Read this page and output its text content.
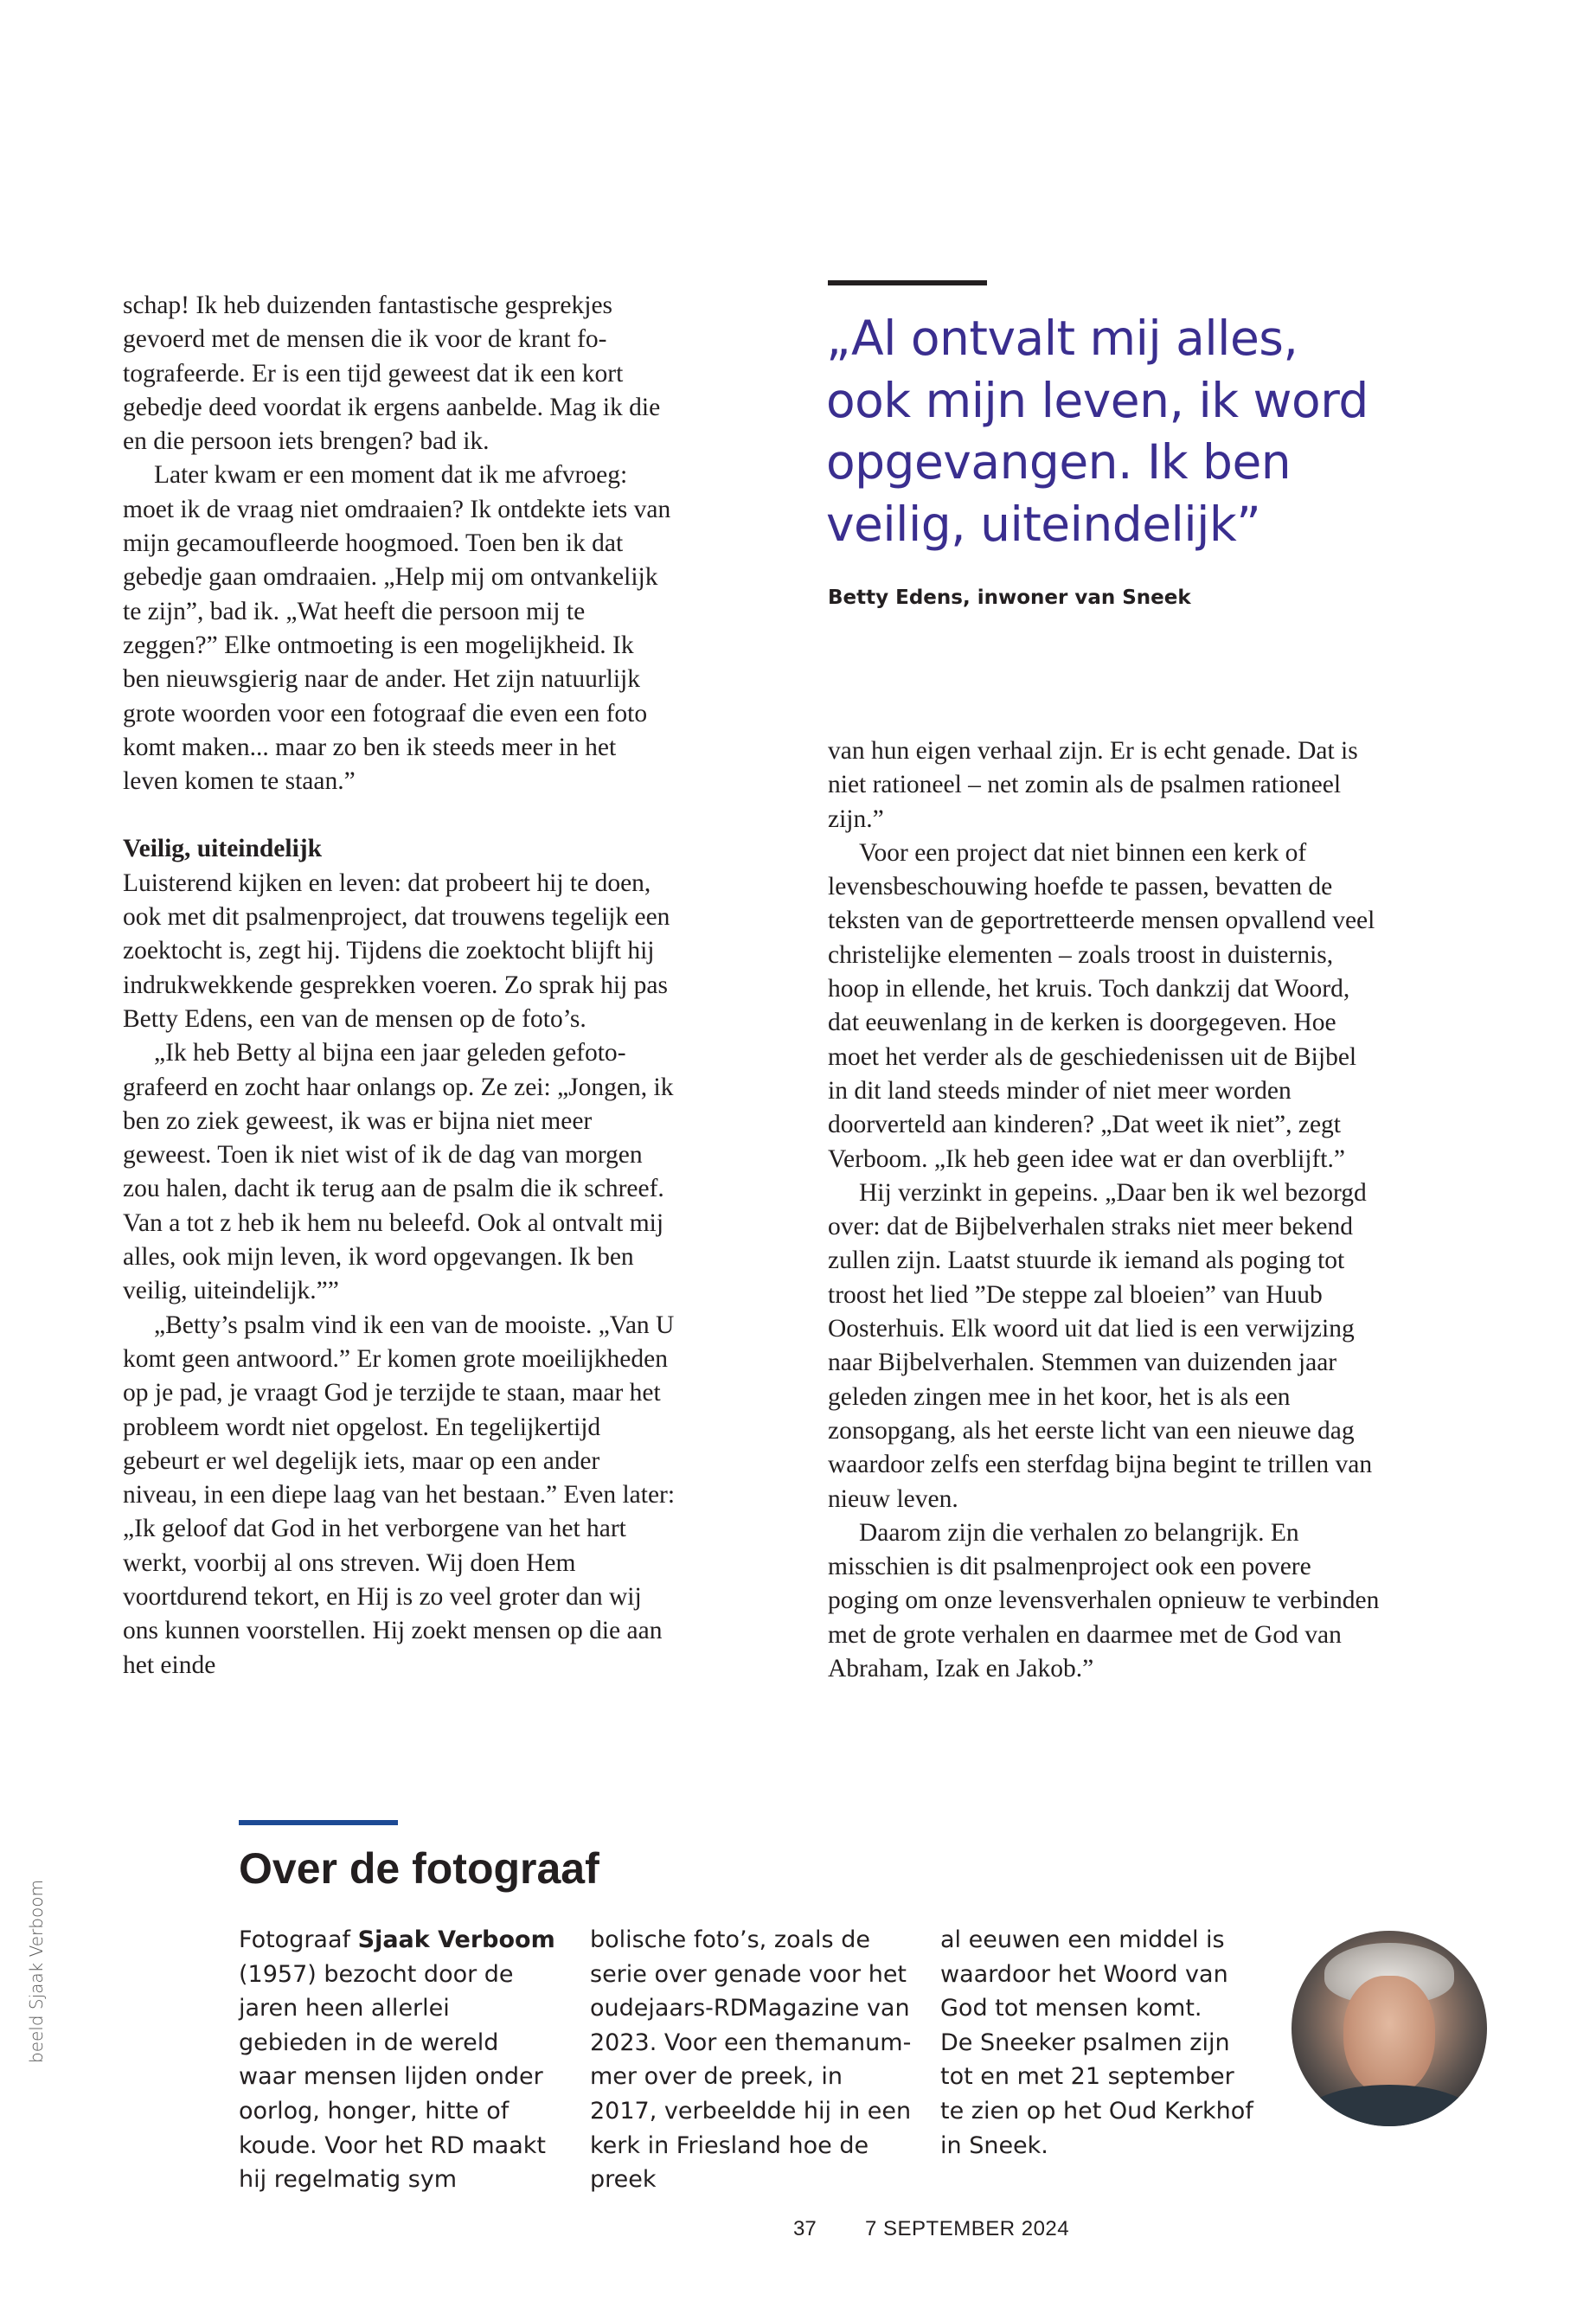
schap! Ik heb duizenden fantastische gesprekjes gevoerd met de mensen die ik voor de krant fotografeerde. Er is een tijd geweest dat ik een kort gebedje deed voordat ik ergens aanbelde. Mag ik die en die persoon iets brengen? bad ik.

Later kwam er een moment dat ik me afvroeg: moet ik de vraag niet omdraaien? Ik ontdekte iets van mijn gecamoufleerde hoogmoed. Toen ben ik dat gebedje gaan omdraaien. „Help mij om ontvankelijk te zijn”, bad ik. „Wat heeft die persoon mij te zeggen?” Elke ontmoeting is een mogelijkheid. Ik ben nieuwsgierig naar de ander. Het zijn natuurlijk grote woorden voor een fotograaf die even een foto komt maken... maar zo ben ik steeds meer in het leven komen te staan.”

Veilig, uiteindelijk

Luisterend kijken en leven: dat probeert hij te doen, ook met dit psalmenproject, dat trouwens tegelijk een zoektocht is, zegt hij. Tijdens die zoektocht blijft hij indrukwekkende gesprekken voeren. Zo sprak hij pas Betty Edens, een van de mensen op de foto’s.

„Ik heb Betty al bijna een jaar geleden gefotografeerd en zocht haar onlangs op. Ze zei: „Jongen, ik ben zo ziek geweest, ik was er bijna niet meer geweest. Toen ik niet wist of ik de dag van morgen zou halen, dacht ik terug aan de psalm die ik schreef. Van a tot z heb ik hem nu beleefd. Ook al ontvalt mij alles, ook mijn leven, ik word opgevangen. Ik ben veilig, uiteindelijk.””

„Betty’s psalm vind ik een van de mooiste. „Van U komt geen antwoord.” Er komen grote moeilijkheden op je pad, je vraagt God je terzijde te staan, maar het probleem wordt niet opgelost. En tegelijkertijd gebeurt er wel degelijk iets, maar op een ander niveau, in een diepe laag van het bestaan.” Even later: „Ik geloof dat God in het verborgene van het hart werkt, voorbij al ons streven. Wij doen Hem voortdurend tekort, en Hij is zo veel groter dan wij ons kunnen voorstellen. Hij zoekt mensen op die aan het einde

„Al ontvalt mij alles, ook mijn leven, ik word opgevangen. Ik ben veilig, uiteindelijk”

Betty Edens, inwoner van Sneek

van hun eigen verhaal zijn. Er is echt genade. Dat is niet rationeel – net zomin als de psalmen rationeel zijn.”

Voor een project dat niet binnen een kerk of levensbeschouwing hoefde te passen, bevatten de teksten van de geportretteerde mensen opvallend veel christelijke elementen – zoals troost in duisternis, hoop in ellende, het kruis. Toch dankzij dat Woord, dat eeuwenlang in de kerken is doorgegeven. Hoe moet het verder als de geschiedenissen uit de Bijbel in dit land steeds minder of niet meer worden doorverteld aan kinderen? „Dat weet ik niet”, zegt Verboom. „Ik heb geen idee wat er dan overblijft.”

Hij verzinkt in gepeins. „Daar ben ik wel bezorgd over: dat de Bijbelverhalen straks niet meer bekend zullen zijn. Laatst stuurde ik iemand als poging tot troost het lied ”De steppe zal bloeien” van Huub Oosterhuis. Elk woord uit dat lied is een verwijzing naar Bijbelverhalen. Stemmen van duizenden jaar geleden zingen mee in het koor, het is als een zonsopgang, als het eerste licht van een nieuwe dag waardoor zelfs een sterfdag bijna begint te trillen van nieuw leven.

Daarom zijn die verhalen zo belangrijk. En misschien is dit psalmenproject ook een povere poging om onze levensverhalen opnieuw te verbinden met de grote verhalen en daarmee met de God van Abraham, Izak en Jakob.”

Over de fotograaf

Fotograaf Sjaak Verboom (1957) bezocht door de jaren heen allerlei gebieden in de wereld waar mensen lijden onder oorlog, honger, hitte of koude. Voor het RD maakt hij regelmatig sym

bolische foto’s, zoals de serie over genade voor het oudejaars-RDMagazine van 2023. Voor een themanummer over de preek, in 2017, verbeeldde hij in een kerk in Friesland hoe de preek

al eeuwen een middel is waardoor het Woord van God tot mensen komt.

De Sneeker psalmen zijn tot en met 21 september te zien op het Oud Kerkhof in Sneek.

beeld Sjaak Verboom
37 7 SEPTEMBER 2024
